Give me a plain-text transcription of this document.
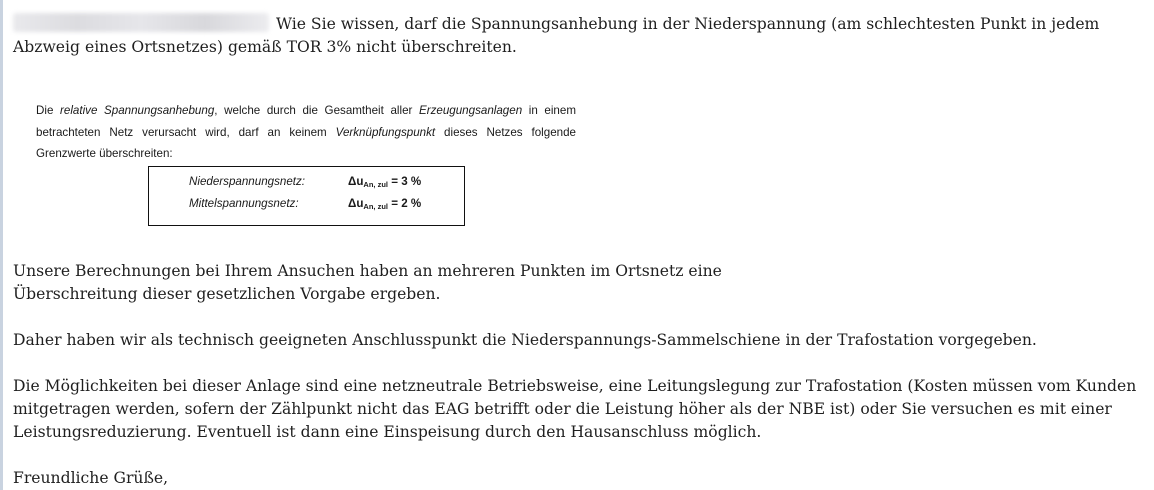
Wie Sie wissen, darf die Spannungsanhebung in der Niederspannung (am schlechtesten Punkt in jedem Abzweig eines Ortsnetzes) gemäß TOR 3% nicht überschreiten.

Die relative Spannungsanhebung, welche durch die Gesamtheit aller Erzeugungsanlagen in einem
betrachteten Netz verursacht wird, darf an keinem Verknüpfungspunkt dieses Netzes folgende
Grenzwerte überschreiten:
Niederspannungsnetz:	$\Delta u_{An, zul} = 3$ %
Mittelspannungsnetz:	$\Delta u_{An, zul} = 2$ %

Unsere Berechnungen bei Ihrem Ansuchen haben an mehreren Punkten im Ortsnetz eine

Überschreitung dieser gesetzlichen Vorgabe ergeben.

Daher haben wir als technisch geeigneten Anschlusspunkt die Niederspannungs-Sammelschiene in der Trafostation vorgegeben.

Die Möglichkeiten bei dieser Anlage sind eine netzneutrale Betriebsweise, eine Leitungslegung zur Trafostation (Kosten müssen vom Kunden mitgetragen werden, sofern der Zählpunkt nicht das EAG betrifft oder die Leistung höher als der NBE ist) oder Sie versuchen es mit einer Leistungsreduzierung. Eventuell ist dann eine Einspeisung durch den Hausanschluss möglich.

Freundliche Grüße,
